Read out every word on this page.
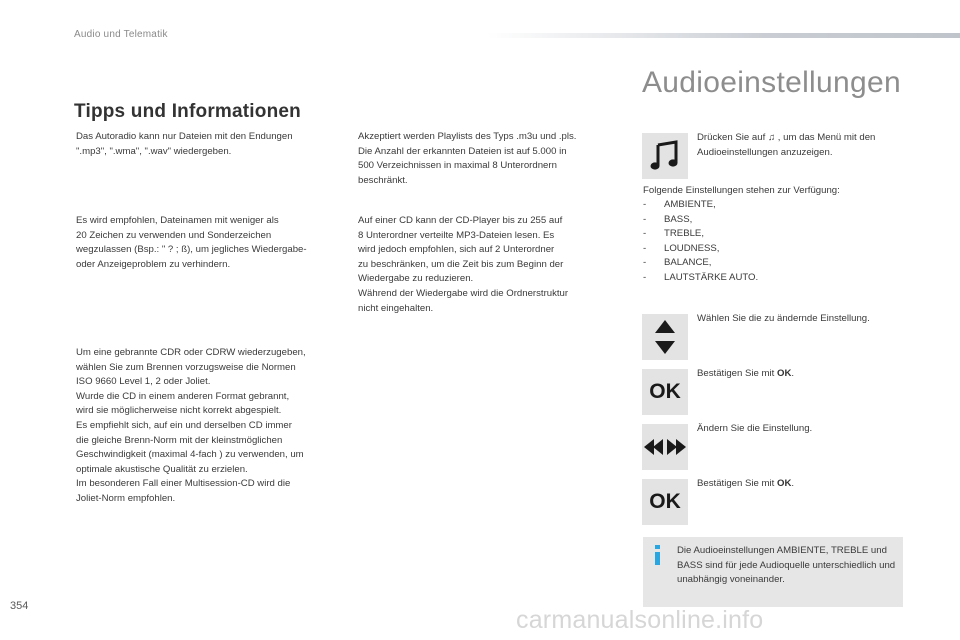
Audio und Telematik
Audioeinstellungen
Tipps und Informationen
Das Autoradio kann nur Dateien mit den Endungen
".mp3", ".wma", ".wav" wiedergeben.
Es wird empfohlen, Dateinamen mit weniger als
20 Zeichen zu verwenden und Sonderzeichen
wegzulassen (Bsp.: " ? ; ß), um jegliches Wiedergabe-
oder Anzeigeproblem zu verhindern.
Um eine gebrannte CDR oder CDRW wiederzugeben,
wählen Sie zum Brennen vorzugsweise die Normen
ISO 9660 Level 1, 2 oder Joliet.
Wurde die CD in einem anderen Format gebrannt,
wird sie möglicherweise nicht korrekt abgespielt.
Es empfiehlt sich, auf ein und derselben CD immer
die gleiche Brenn-Norm mit der kleinstmöglichen
Geschwindigkeit (maximal 4-fach ) zu verwenden, um
optimale akustische Qualität zu erzielen.
Im besonderen Fall einer Multisession-CD wird die
Joliet-Norm empfohlen.
Akzeptiert werden Playlists des Typs .m3u und .pls.
Die Anzahl der erkannten Dateien ist auf 5.000 in
500 Verzeichnissen in maximal 8 Unterordnern
beschränkt.
Auf einer CD kann der CD-Player bis zu 255 auf
8 Unterordner verteilte MP3-Dateien lesen. Es
wird jedoch empfohlen, sich auf 2 Unterordner
zu beschränken, um die Zeit bis zum Beginn der
Wiedergabe zu reduzieren.
Während der Wiedergabe wird die Ordnerstruktur
nicht eingehalten.
Drücken Sie auf ♫ , um das Menü mit den Audioeinstellungen anzuzeigen.
Folgende Einstellungen stehen zur Verfügung:
-	AMBIENTE,
-	BASS,
-	TREBLE,
-	LOUDNESS,
-	BALANCE,
-	LAUTSTÄRKE AUTO.
Wählen Sie die zu ändernde Einstellung.
OK
Bestätigen Sie mit OK.
Ändern Sie die Einstellung.
OK
Bestätigen Sie mit OK.
Die Audioeinstellungen AMBIENTE, TREBLE und BASS sind für jede Audioquelle unterschiedlich und unabhängig voneinander.
354	carmanualsonline.info
